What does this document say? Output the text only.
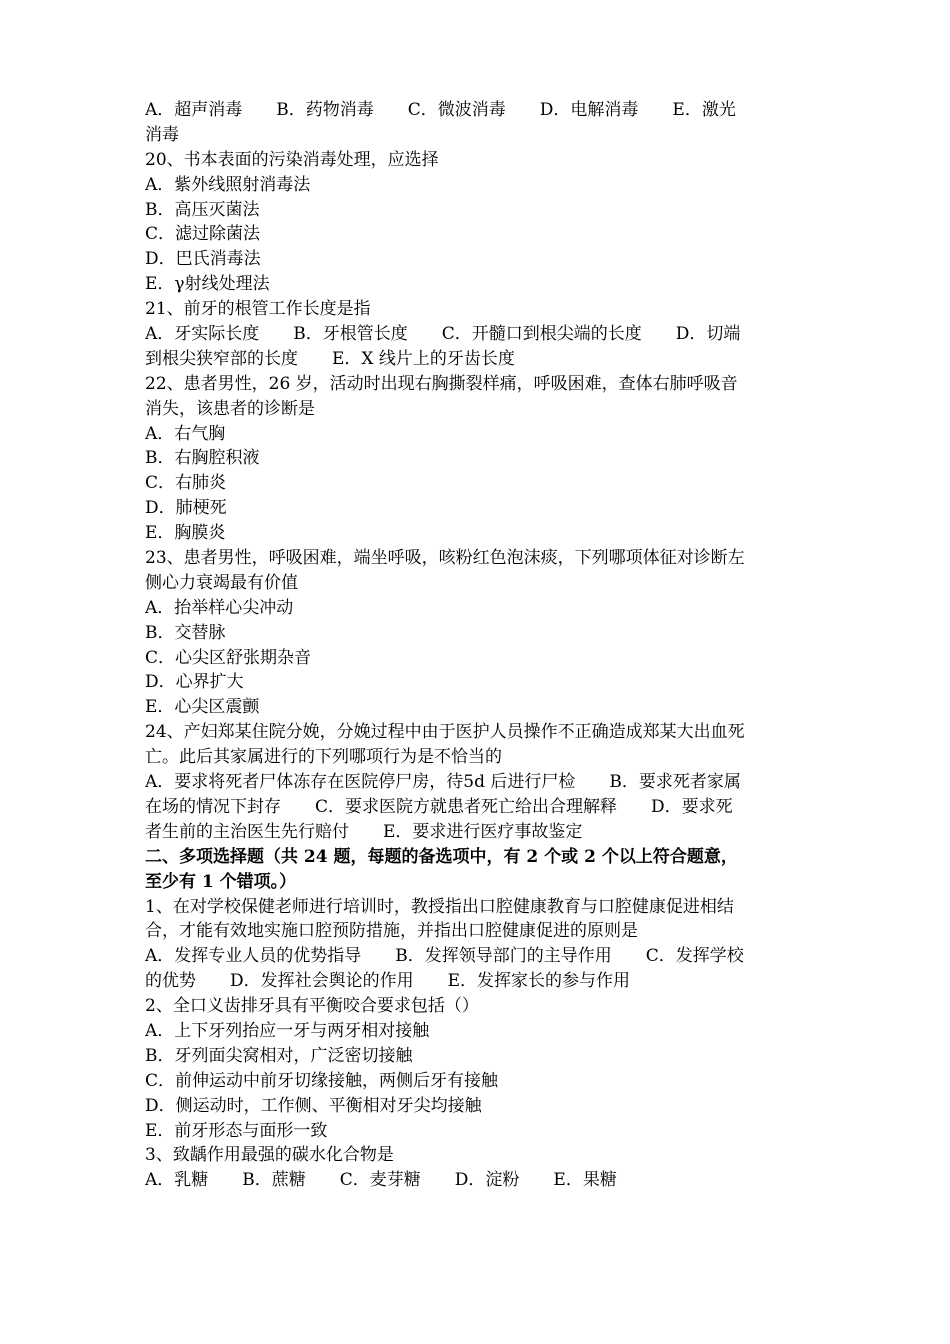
A．超声消毒　　B．药物消毒　　C．微波消毒　　D．电解消毒　　E．激光
消毒
20、书本表面的污染消毒处理，应选择
A．紫外线照射消毒法
B．高压灭菌法
C．滤过除菌法
D．巴氏消毒法
E．γ射线处理法
21、前牙的根管工作长度是指
A．牙实际长度　　B．牙根管长度　　C．开髓口到根尖端的长度　　D．切端
到根尖狭窄部的长度　　E．X 线片上的牙齿长度
22、患者男性，26 岁，活动时出现右胸撕裂样痛，呼吸困难，查体右肺呼吸音
消失，该患者的诊断是
A．右气胸
B．右胸腔积液
C．右肺炎
D．肺梗死
E．胸膜炎
23、患者男性，呼吸困难，端坐呼吸，咳粉红色泡沫痰，下列哪项体征对诊断左
侧心力衰竭最有价值
A．抬举样心尖冲动
B．交替脉
C．心尖区舒张期杂音
D．心界扩大
E．心尖区震颤
24、产妇郑某住院分娩，分娩过程中由于医护人员操作不正确造成郑某大出血死
亡。此后其家属进行的下列哪项行为是不恰当的
A．要求将死者尸体冻存在医院停尸房，待5d 后进行尸检　　B．要求死者家属
在场的情况下封存　　C．要求医院方就患者死亡给出合理解释　　D．要求死
者生前的主治医生先行赔付　　E．要求进行医疗事故鉴定
二、多项选择题（共 24 题，每题的备选项中，有 2 个或 2 个以上符合题意，
至少有 1 个错项。）
1、在对学校保健老师进行培训时，教授指出口腔健康教育与口腔健康促进相结
合，才能有效地实施口腔预防措施，并指出口腔健康促进的原则是
A．发挥专业人员的优势指导　　B．发挥领导部门的主导作用　　C．发挥学校
的优势　　D．发挥社会舆论的作用　　E．发挥家长的参与作用
2、全口义齿排牙具有平衡咬合要求包括（）
A．上下牙列抬应一牙与两牙相对接触
B．牙列面尖窝相对，广泛密切接触
C．前伸运动中前牙切缘接触，两侧后牙有接触
D．侧运动时，工作侧、平衡相对牙尖均接触
E．前牙形态与面形一致
3、致龋作用最强的碳水化合物是
A．乳糖　　B．蔗糖　　C．麦芽糖　　D．淀粉　　E．果糖
